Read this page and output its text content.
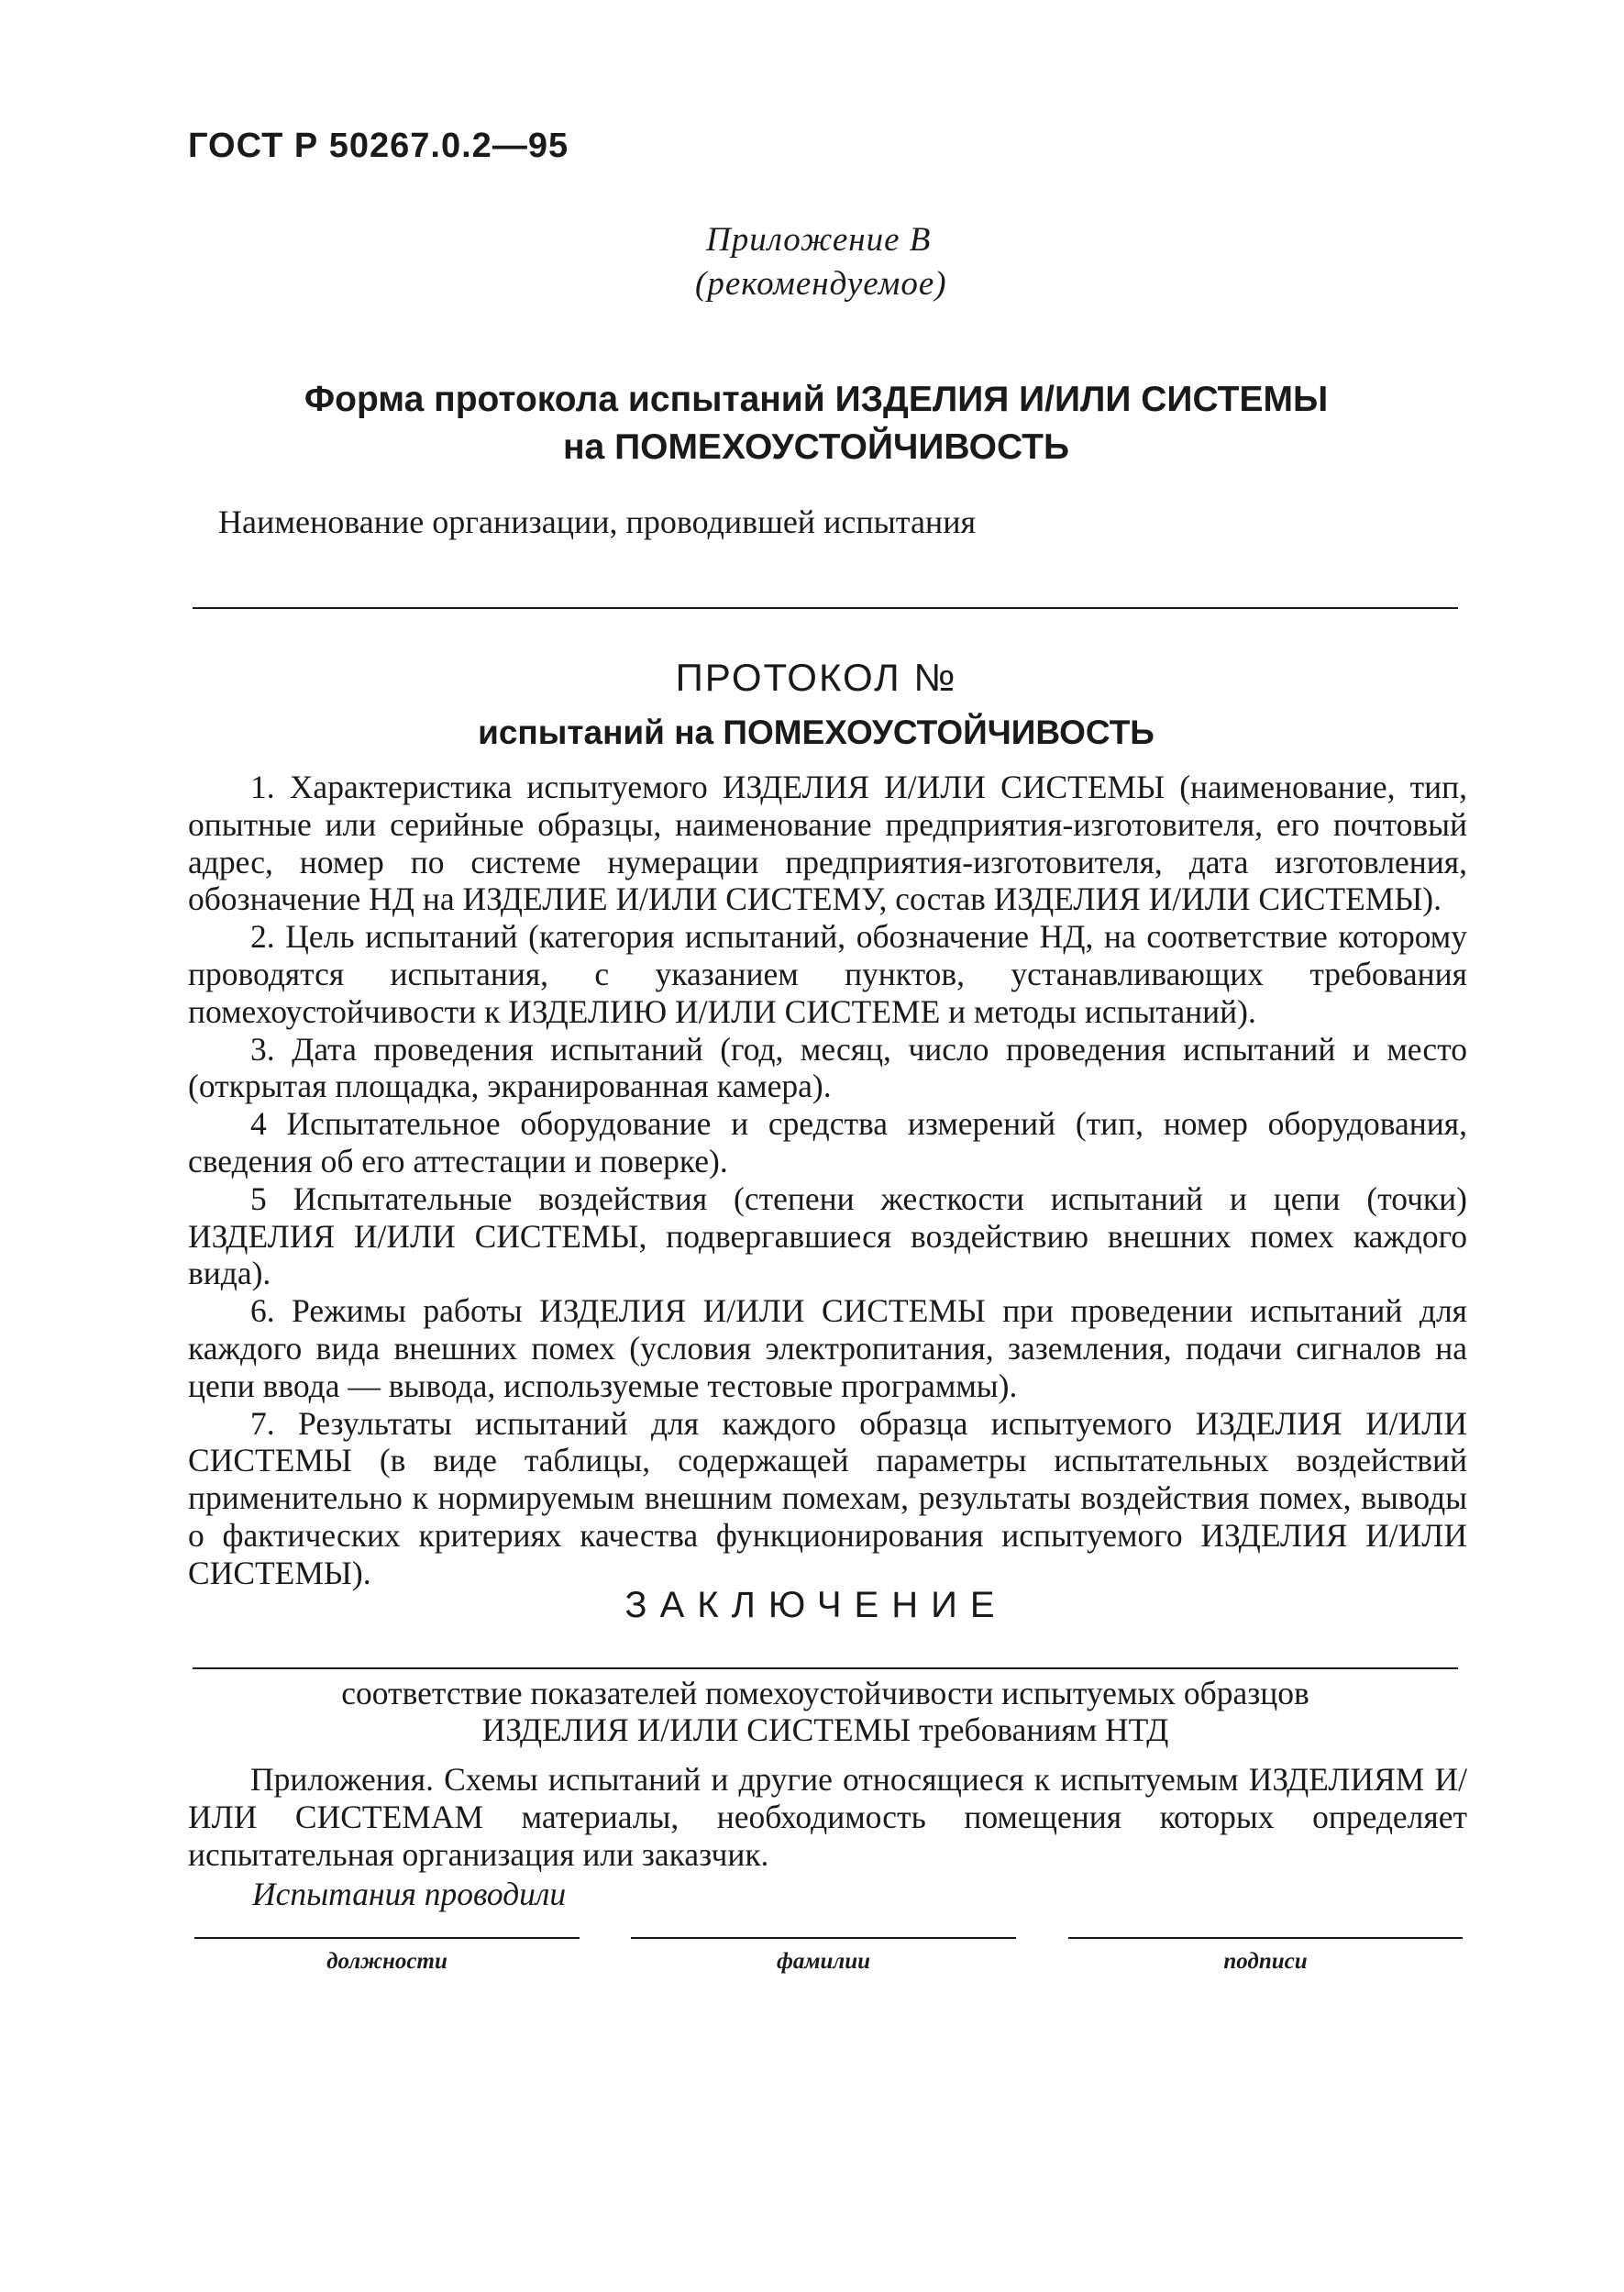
ГОСТ Р 50267.0.2—95
Приложение В
(рекомендуемое)
Форма протокола испытаний ИЗДЕЛИЯ И/ИЛИ СИСТЕМЫ
на ПОМЕХОУСТОЙЧИВОСТЬ
Наименование организации, проводившей испытания
ПРОТОКОЛ №
испытаний на ПОМЕХОУСТОЙЧИВОСТЬ

1. Характеристика испытуемого ИЗДЕЛИЯ И/ИЛИ СИСТЕМЫ (наименование, тип, опытные или серийные образцы, наименование предприятия-изготовителя, его почтовый адрес, номер по системе нумерации предприятия-изготовителя, дата изготовления, обозначение НД на ИЗДЕЛИЕ И/ИЛИ СИСТЕМУ, состав ИЗДЕЛИЯ И/ИЛИ СИСТЕМЫ).

2. Цель испытаний (категория испытаний, обозначение НД, на соответствие которому проводятся испытания, с указанием пунктов, устанавливающих требования помехоустойчивости к ИЗДЕЛИЮ И/ИЛИ СИСТЕМЕ и методы испытаний).

3. Дата проведения испытаний (год, месяц, число проведения испытаний и место (открытая площадка, экранированная камера).

4 Испытательное оборудование и средства измерений (тип, номер оборудования, сведения об его аттестации и поверке).

5 Испытательные воздействия (степени жесткости испытаний и цепи (точки) ИЗДЕЛИЯ И/ИЛИ СИСТЕМЫ, подвергавшиеся воздействию внешних помех каждого вида).

6. Режимы работы ИЗДЕЛИЯ И/ИЛИ СИСТЕМЫ при проведении испытаний для каждого вида внешних помех (условия электропитания, заземления, подачи сигналов на цепи ввода — вывода, используемые тестовые программы).

7. Результаты испытаний для каждого образца испытуемого ИЗДЕЛИЯ И/ИЛИ СИСТЕМЫ (в виде таблицы, содержащей параметры испытательных воздействий применительно к нормируемым внешним помехам, результаты воздействия помех, выводы о фактических критериях качества функционирования испытуемого ИЗДЕЛИЯ И/ИЛИ СИСТЕМЫ).

ЗАКЛЮЧЕНИЕ
соответствие показателей помехоустойчивости испытуемых образцов
ИЗДЕЛИЯ И/ИЛИ СИСТЕМЫ требованиям НТД

Приложения. Схемы испытаний и другие относящиеся к испытуемым ИЗДЕЛИЯМ И/ИЛИ СИСТЕМАМ материалы, необходимость помещения которых определяет испытательная организация или заказчик.

Испытания проводили
должности	фамилии	подписи
